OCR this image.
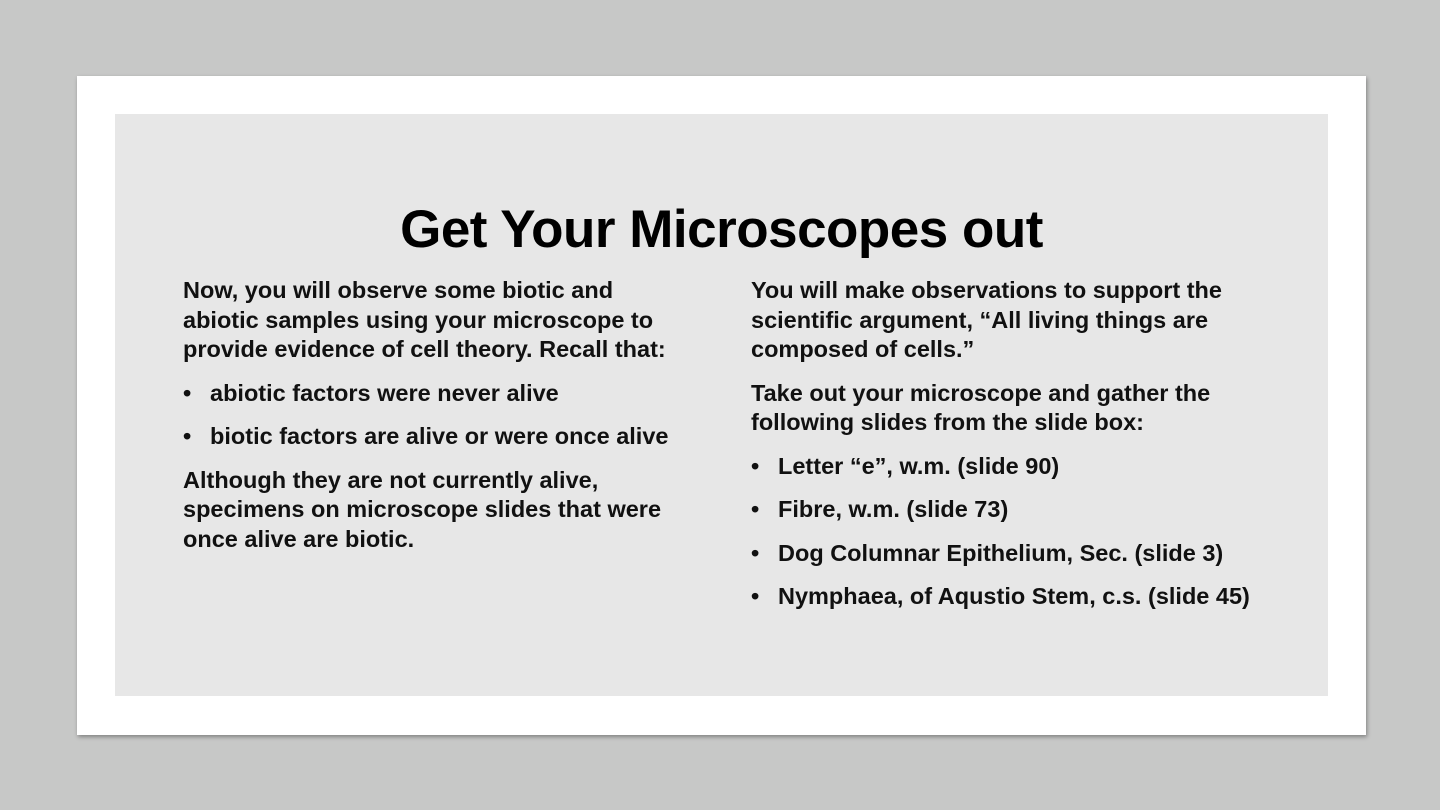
Get Your Microscopes out

Now, you will observe some biotic and abiotic samples using your microscope to provide evidence of cell theory. Recall that:

• abiotic factors were never alive
• biotic factors are alive or were once alive

Although they are not currently alive, specimens on microscope slides that were once alive are biotic.

You will make observations to support the scientific argument, “All living things are composed of cells.”

Take out your microscope and gather the following slides from the slide box:

• Letter “e”, w.m. (slide 90)
• Fibre, w.m. (slide 73)
• Dog Columnar Epithelium, Sec. (slide 3)
• Nymphaea, of Aqustio Stem, c.s. (slide 45)
